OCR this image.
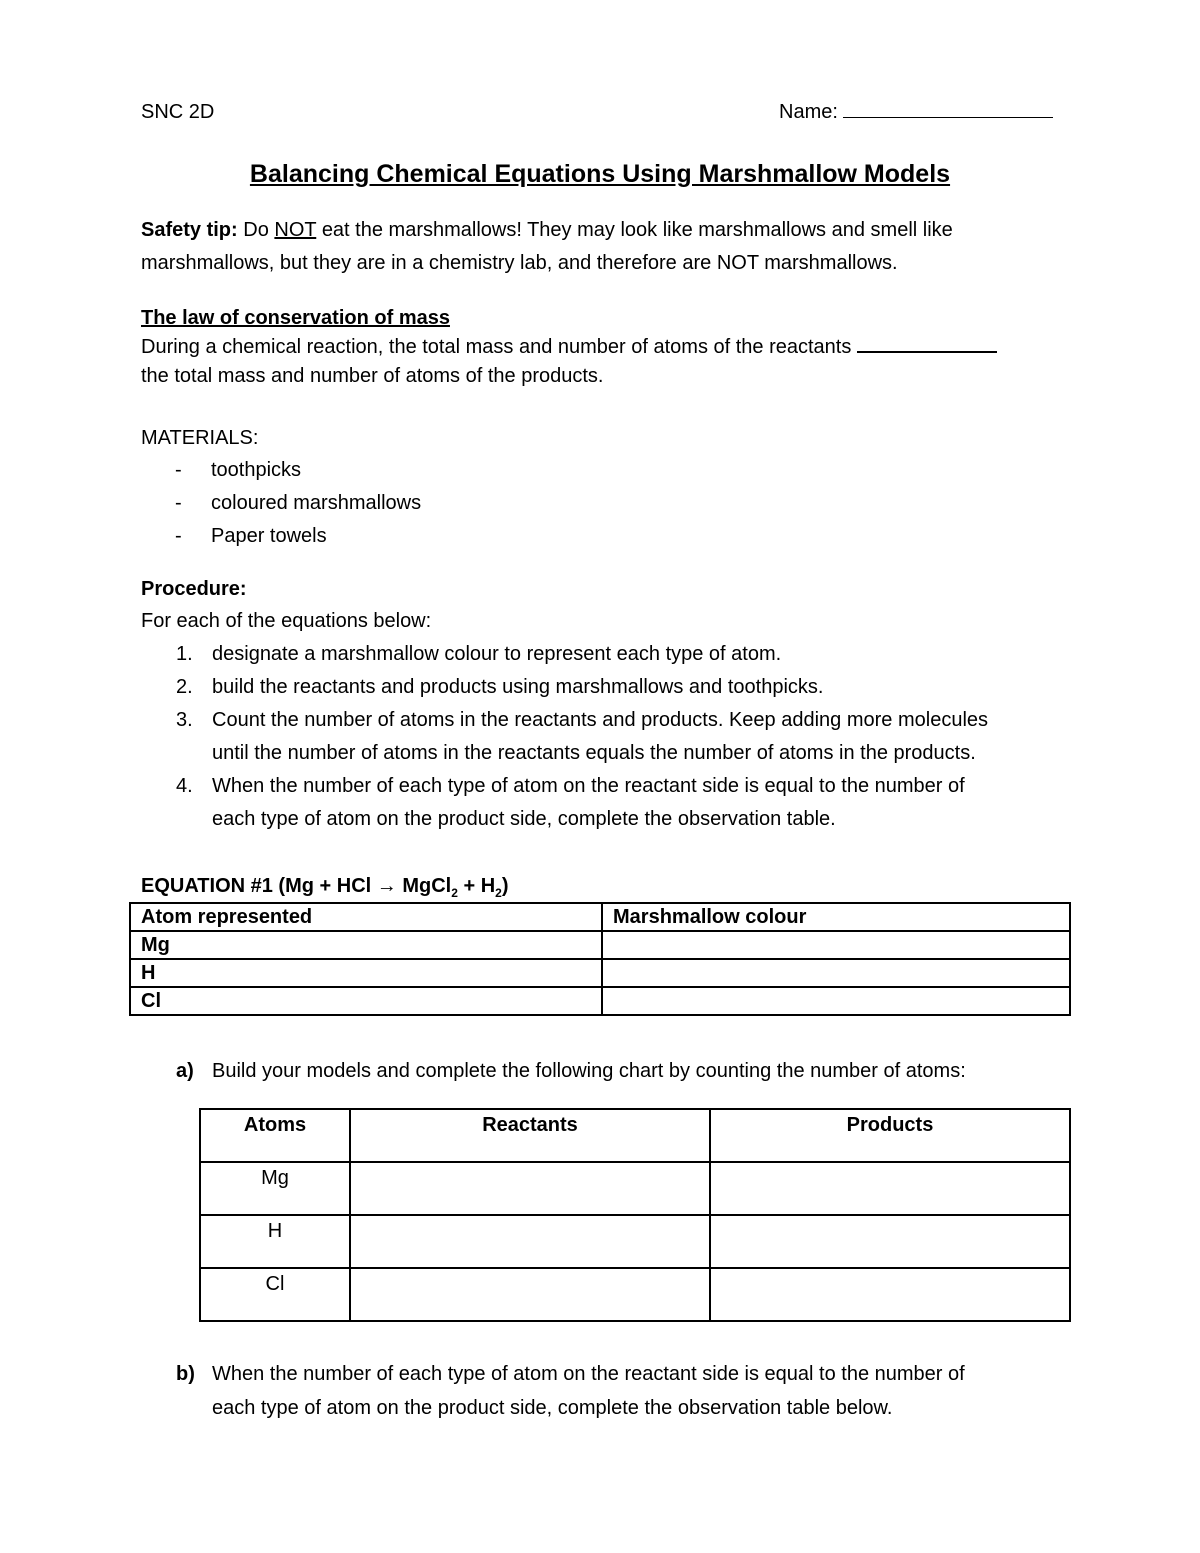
SNC 2D	Name:
Balancing Chemical Equations Using Marshmallow Models
Safety tip: Do NOT eat the marshmallows! They may look like marshmallows and smell like
marshmallows, but they are in a chemistry lab, and therefore are NOT marshmallows.
The law of conservation of mass
During a chemical reaction, the total mass and number of atoms of the reactants
the total mass and number of atoms of the products.
MATERIALS:
- toothpicks
- coloured marshmallows
- Paper towels
Procedure:
For each of the equations below:
1. designate a marshmallow colour to represent each type of atom.
2. build the reactants and products using marshmallows and toothpicks.
3. Count the number of atoms in the reactants and products. Keep adding more molecules
until the number of atoms in the reactants equals the number of atoms in the products.
4. When the number of each type of atom on the reactant side is equal to the number of
each type of atom on the product side, complete the observation table.
EQUATION #1 (Mg + HCl → MgCl$_2$ + $H_2$)
Atom represented	Marshmallow colour
Mg	
H	
Cl	
a) Build your models and complete the following chart by counting the number of atoms:
Atoms	Reactants	Products
Mg		
H		
Cl		
b) When the number of each type of atom on the reactant side is equal to the number of
each type of atom on the product side, complete the observation table below.
